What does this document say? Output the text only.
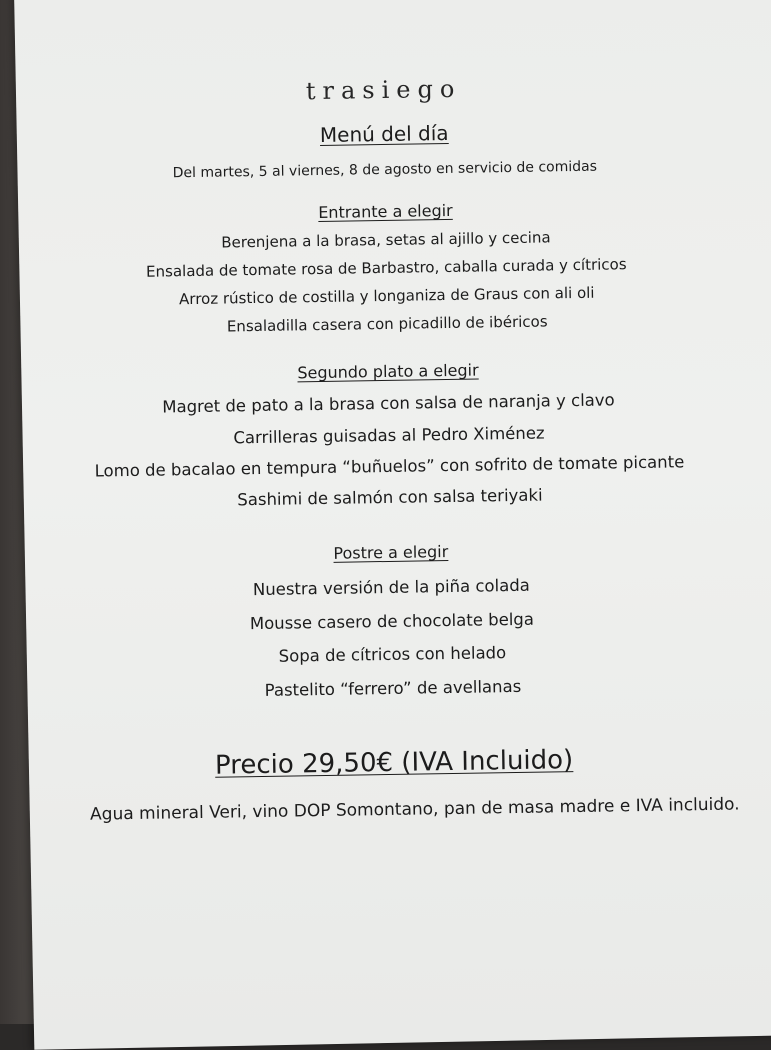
trasiego
Menú del día
Del martes, 5 al viernes, 8 de agosto en servicio de comidas
Entrante a elegir
Berenjena a la brasa, setas al ajillo y cecina
Ensalada de tomate rosa de Barbastro, caballa curada y cítricos
Arroz rústico de costilla y longaniza de Graus con ali oli
Ensaladilla casera con picadillo de ibéricos
Segundo plato a elegir
Magret de pato a la brasa con salsa de naranja y clavo
Carrilleras guisadas al Pedro Ximénez
Lomo de bacalao en tempura “buñuelos” con sofrito de tomate picante
Sashimi de salmón con salsa teriyaki
Postre a elegir
Nuestra versión de la piña colada
Mousse casero de chocolate belga
Sopa de cítricos con helado
Pastelito “ferrero” de avellanas
Precio 29,50€ (IVA Incluido)
Agua mineral Veri, vino DOP Somontano, pan de masa madre e IVA incluido.
